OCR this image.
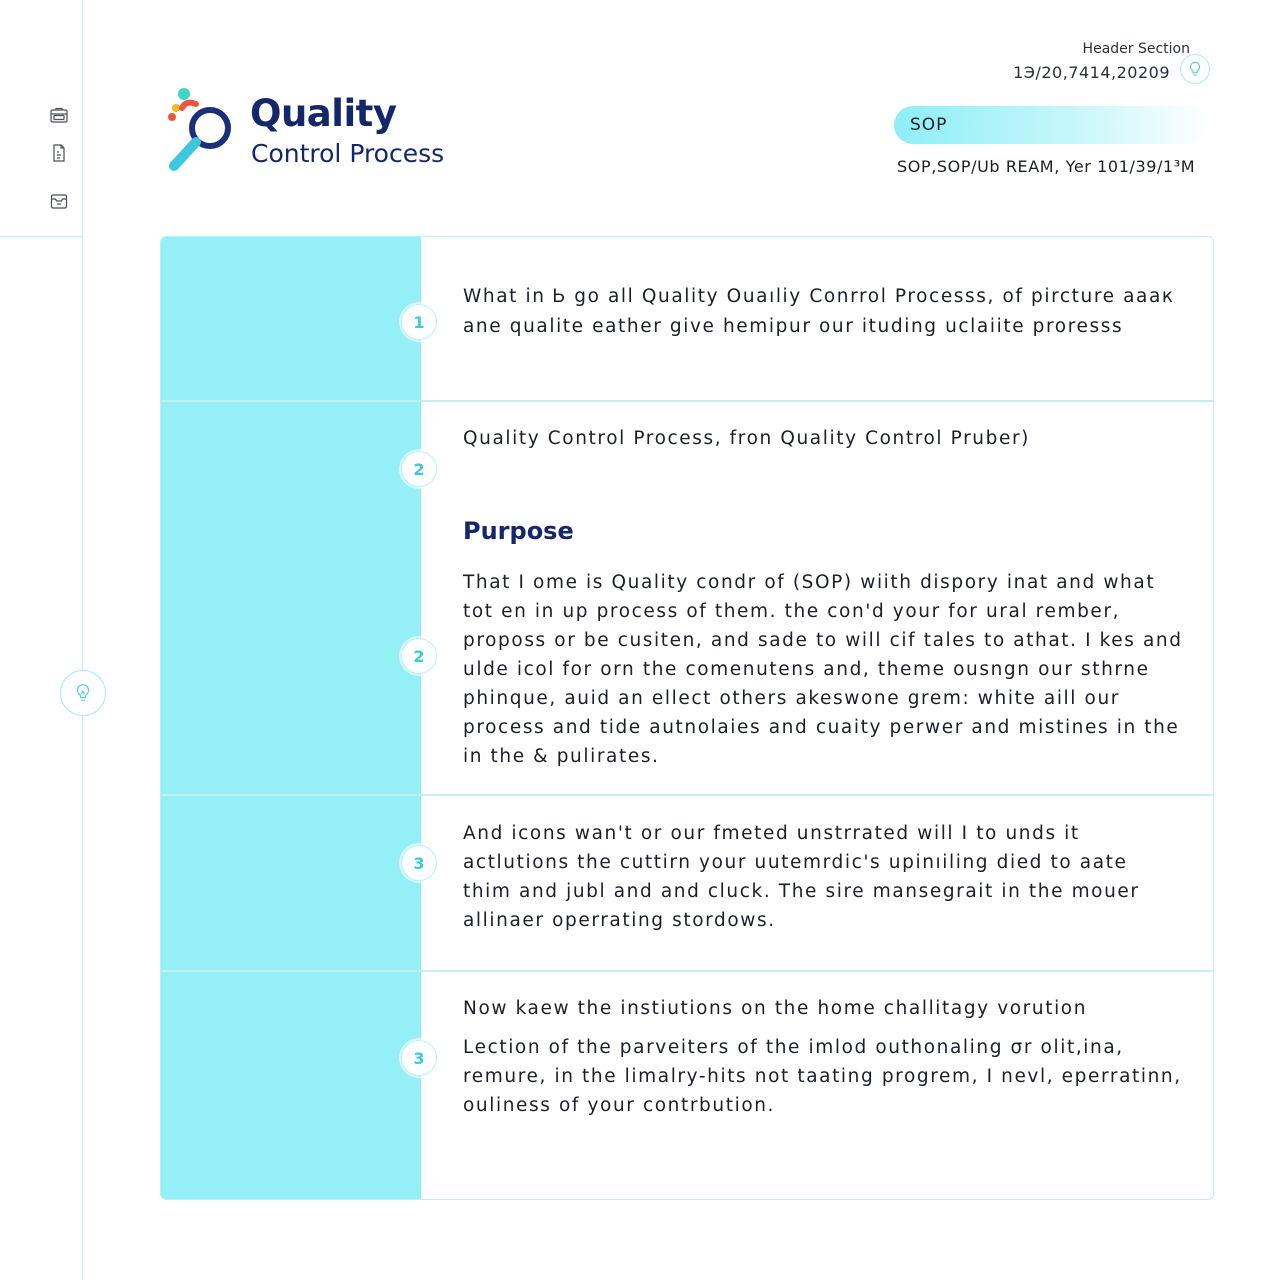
Quality
Control Process
Header Section
1Э/20,7414,20209
SOP
SOP,SOP/Ub REAM, Yer 101/39/1³M
1

What in Ꮟ go all Quality Ouaıliy Conrrol Processs, of pircture aaaк ane qualite eather give hemipur our ituding uclaiite proresss

2

Quality Control Process, fron Quality Control Pruber)

Purpose
2

That I ome is Quality condr of (SOP) wiith dispory inat and what tot en in up process of them. the con'd your for ural rember, proposs or be cusiten, and sade to will cif tales to athat. I kes and ulde icol for orn the comenutens and, theme ousngn our sthrne phinque, auid an ellect others akeswone grem: white aill our process and tide autnolaies and cuaity perwer and mistines in the in the & pulirates.

3

And icons wan't or our fmeted unstrrated will I to unds it actlutions the cuttirn your uutemrdic's upinıiling died to aate thim and jubl and and cluck. The sire mansegrait in the mouer allinaer operrating stordows.

3

Now kaew the instiutions on the home challitagy vorution

Lection of the parveiters of the imlod outhonaling σr olit,ina, remure, in the limalry-hits not taating progrem, I nevl, eperratinn, ouliness of your contrbution.
